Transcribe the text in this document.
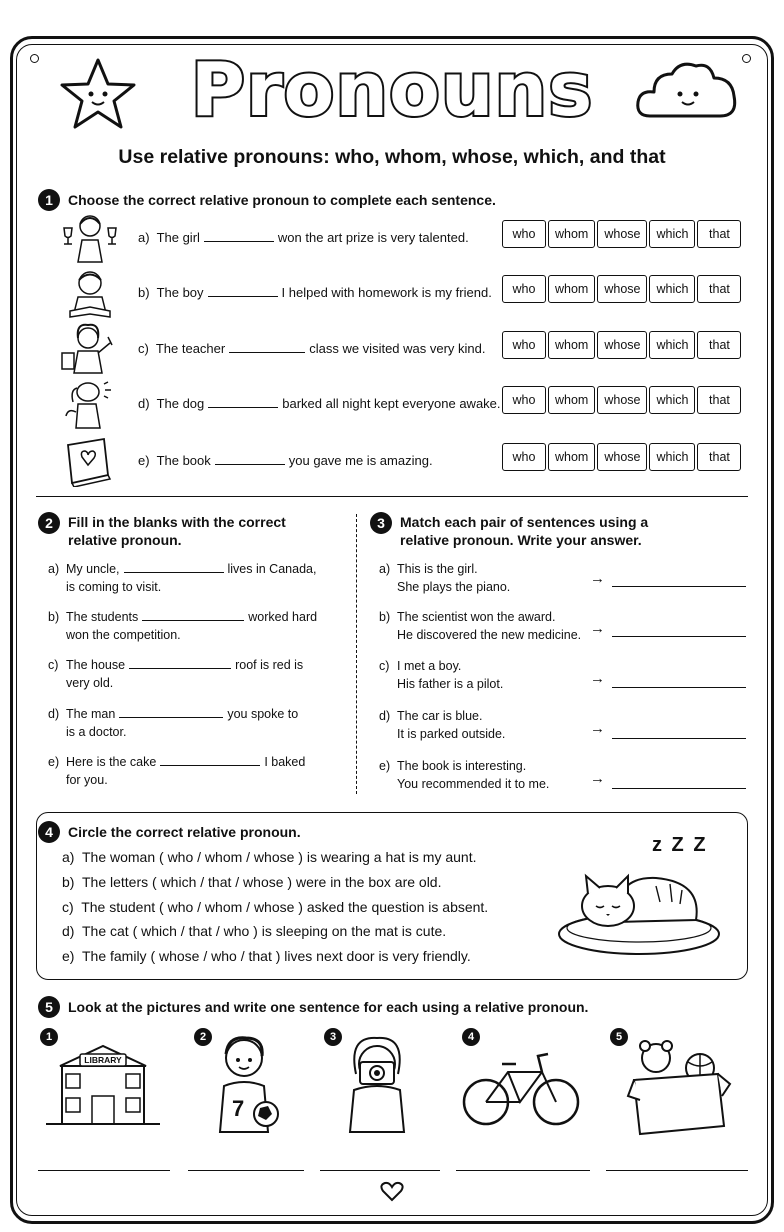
Pronouns
Use relative pronouns: who, whom, whose, which, and that
1	Choose the correct relative pronoun to complete each sentence.
a) The girl	won the art prize is very talented.	who	whom	whose	which	that
b) The boy	I helped with homework is my friend.	who	whom	whose	which	that
c) The teacher	class we visited was very kind.	who	whom	whose	which	that
d) The dog	barked all night kept everyone awake. who	whom	whose	which	that
e) The book	you gave me is amazing.	who	whom	whose	which	that
2	Fill in the blanks with the correct
relative pronoun.
a) My uncle,	lives in Canada,
is coming to visit.
b) The students	worked hard
won the competition.
c) The house	roof is red is
very old.
d) The man	you spoke to
is a doctor.
e) Here is the cake	I baked
for you.
3	Match each pair of sentences using a
relative pronoun. Write your answer.
a) This is the girl.
She plays the piano.	→
b) The scientist won the award.
He discovered the new medicine. →
c) I met a boy.
His father is a pilot.	→
d) The car is blue.
It is parked outside.	→
e) The book is interesting.
You recommended it to me.	→
4	Circle the correct relative pronoun.
a) The woman ( who / whom / whose ) is wearing a hat is my aunt.
b) The letters ( which / that / whose ) were in the box are old.
c) The student ( who / whom / whose ) asked the question is absent.
d) The cat ( which / that / who ) is sleeping on the mat is cute.
e) The family ( whose / who / that ) lives next door is very friendly.
z Z Z
5	Look at the pictures and write one sentence for each using a relative pronoun.
1
LIBRARY
2
7
3	4	5
